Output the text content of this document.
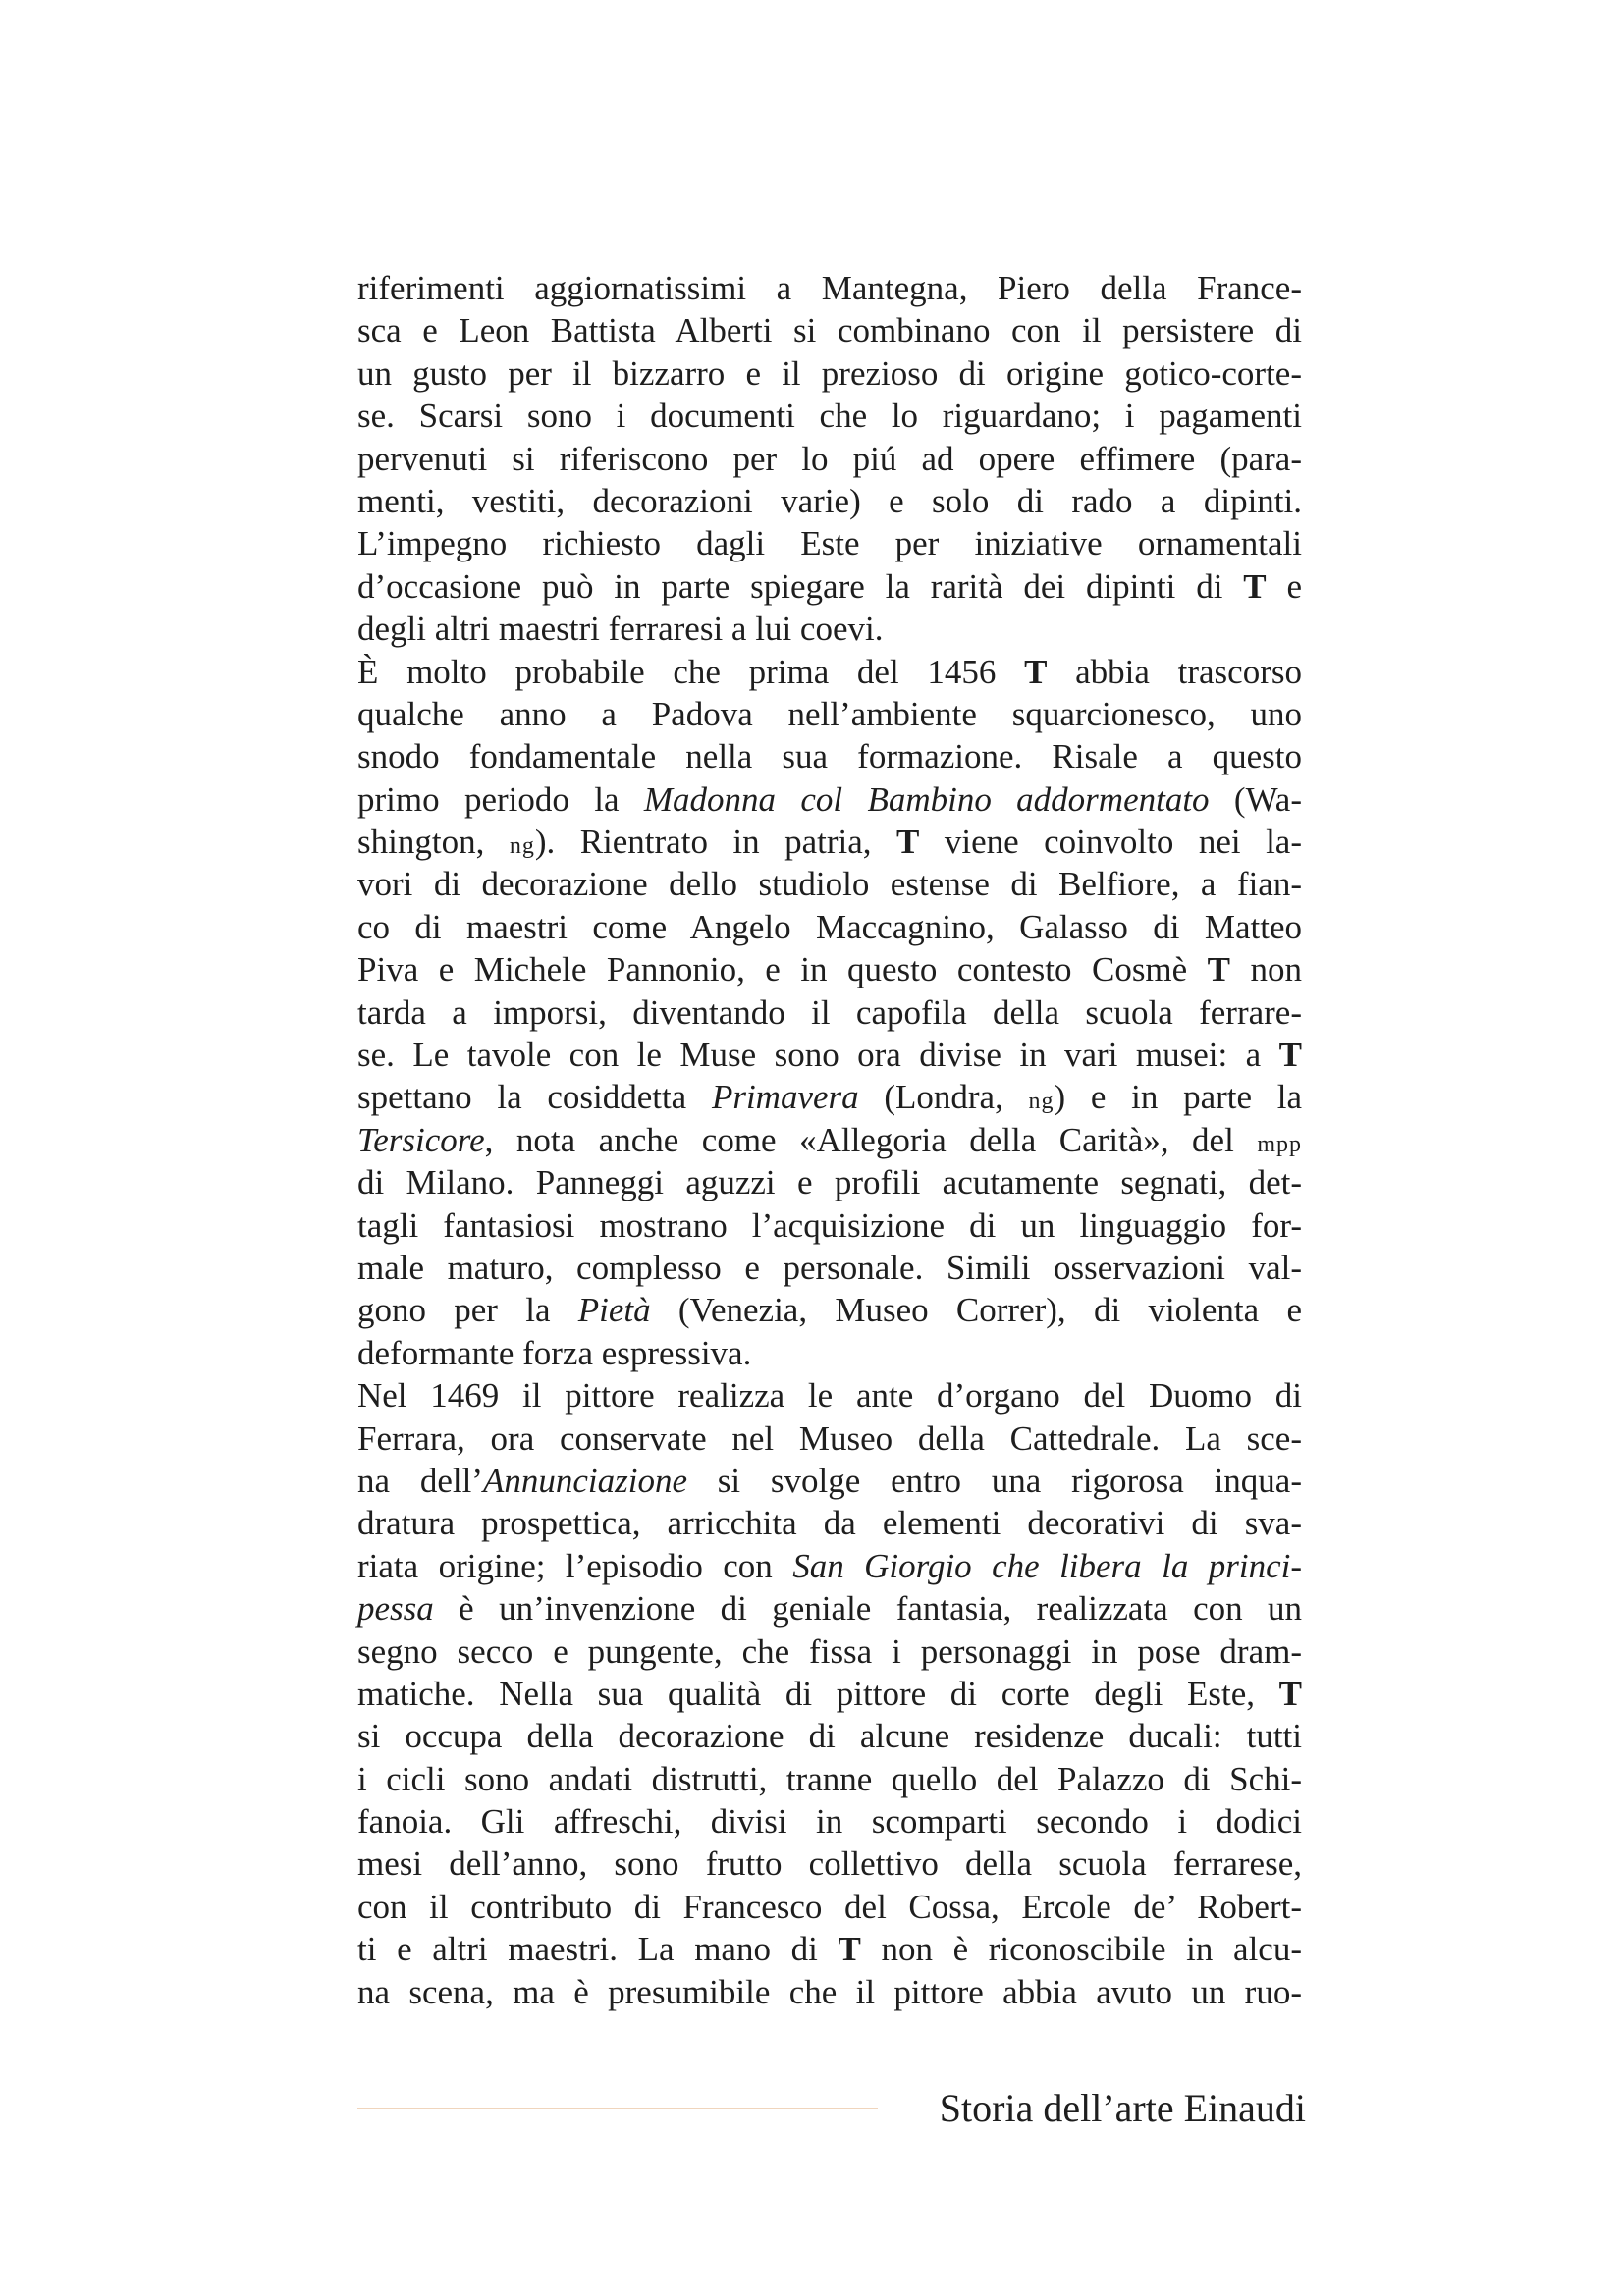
riferimenti aggiornatissimi a Mantegna, Piero della France-
sca e Leon Battista Alberti si combinano con il persistere di
un gusto per il bizzarro e il prezioso di origine gotico-corte-
se. Scarsi sono i documenti che lo riguardano; i pagamenti
pervenuti si riferiscono per lo piú ad opere effimere (para-
menti, vestiti, decorazioni varie) e solo di rado a dipinti.
L’impegno richiesto dagli Este per iniziative ornamentali
d’occasione può in parte spiegare la rarità dei dipinti di T e
degli altri maestri ferraresi a lui coevi.
È molto probabile che prima del 1456 T abbia trascorso
qualche anno a Padova nell’ambiente squarcionesco, uno
snodo fondamentale nella sua formazione. Risale a questo
primo periodo la Madonna col Bambino addormentato (Wa-
shington, ng). Rientrato in patria, T viene coinvolto nei la-
vori di decorazione dello studiolo estense di Belfiore, a fian-
co di maestri come Angelo Maccagnino, Galasso di Matteo
Piva e Michele Pannonio, e in questo contesto Cosmè T non
tarda a imporsi, diventando il capofila della scuola ferrare-
se. Le tavole con le Muse sono ora divise in vari musei: a T
spettano la cosiddetta Primavera (Londra, ng) e in parte la
Tersicore, nota anche come «Allegoria della Carità», del mpp
di Milano. Panneggi aguzzi e profili acutamente segnati, det-
tagli fantasiosi mostrano l’acquisizione di un linguaggio for-
male maturo, complesso e personale. Simili osservazioni val-
gono per la Pietà (Venezia, Museo Correr), di violenta e
deformante forza espressiva.
Nel 1469 il pittore realizza le ante d’organo del Duomo di
Ferrara, ora conservate nel Museo della Cattedrale. La sce-
na dell’Annunciazione si svolge entro una rigorosa inqua-
dratura prospettica, arricchita da elementi decorativi di sva-
riata origine; l’episodio con San Giorgio che libera la princi-
pessa è un’invenzione di geniale fantasia, realizzata con un
segno secco e pungente, che fissa i personaggi in pose dram-
matiche. Nella sua qualità di pittore di corte degli Este, T
si occupa della decorazione di alcune residenze ducali: tutti
i cicli sono andati distrutti, tranne quello del Palazzo di Schi-
fanoia. Gli affreschi, divisi in scomparti secondo i dodici
mesi dell’anno, sono frutto collettivo della scuola ferrarese,
con il contributo di Francesco del Cossa, Ercole de’ Robert-
ti e altri maestri. La mano di T non è riconoscibile in alcu-
na scena, ma è presumibile che il pittore abbia avuto un ruo-
Storia dell’arte Einaudi
